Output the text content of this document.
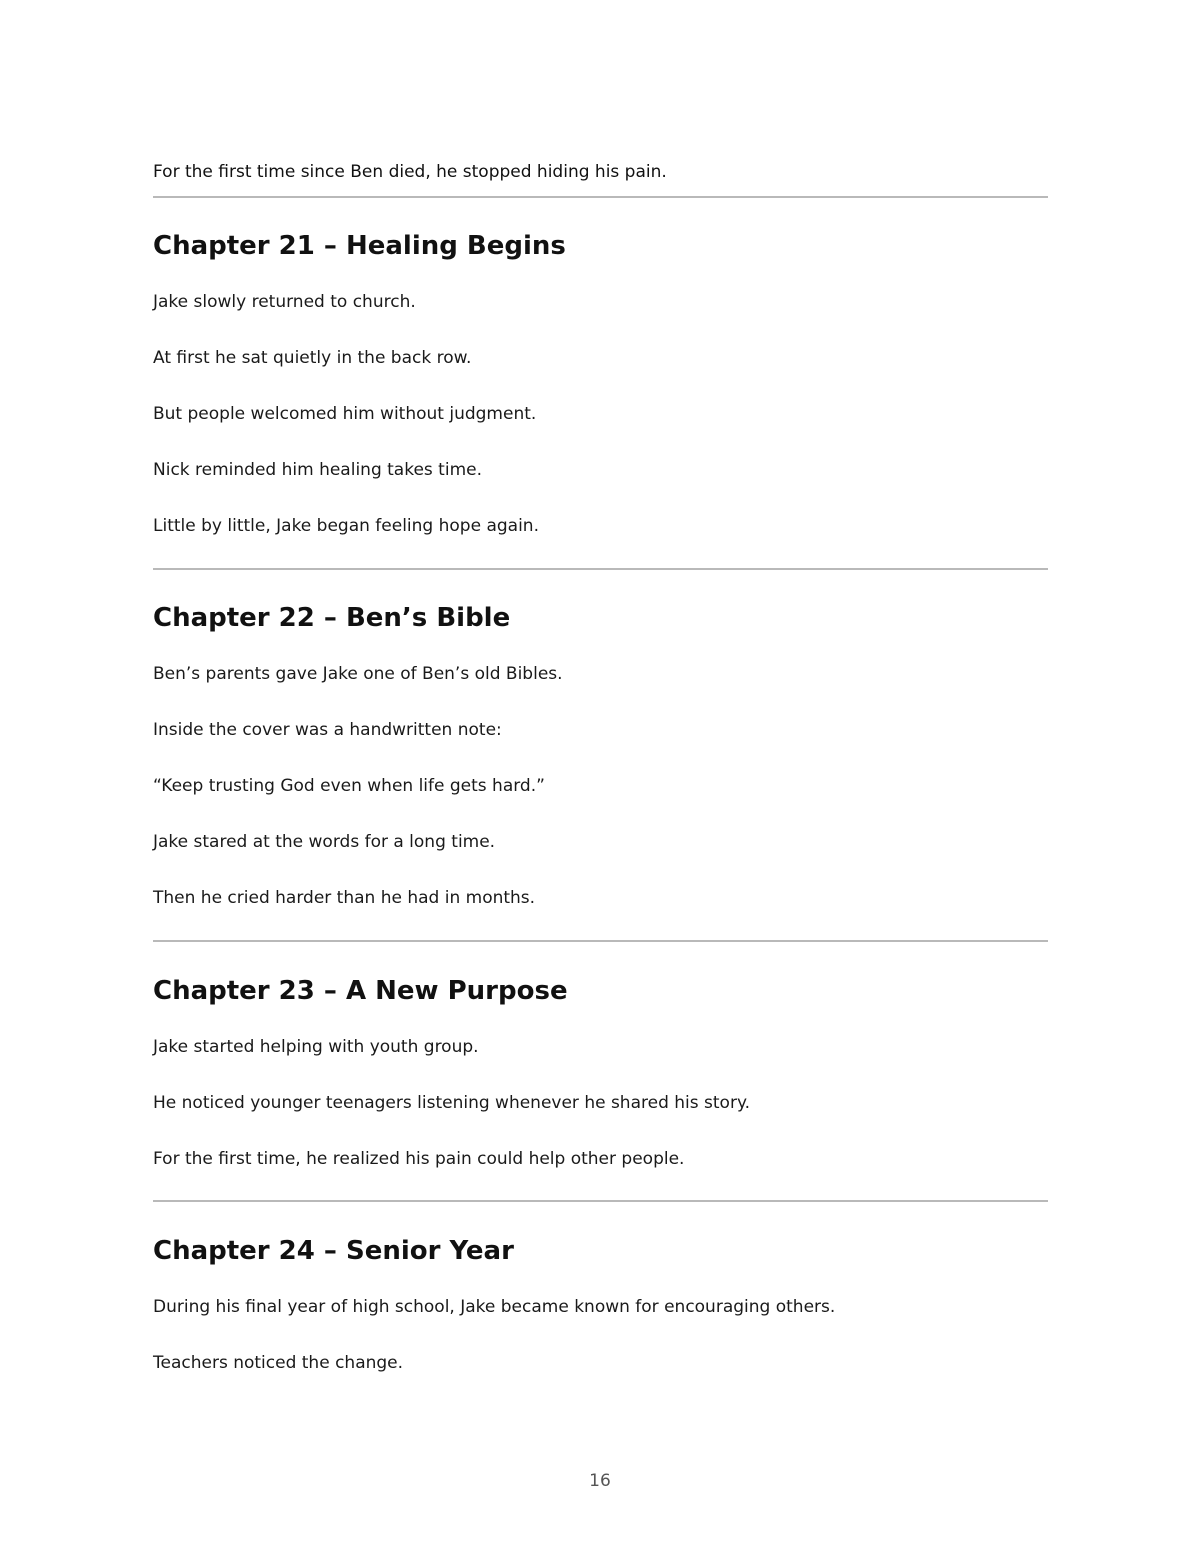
For the first time since Ben died, he stopped hiding his pain.

Chapter 21 – Healing Begins

Jake slowly returned to church.

At first he sat quietly in the back row.

But people welcomed him without judgment.

Nick reminded him healing takes time.

Little by little, Jake began feeling hope again.

Chapter 22 – Ben’s Bible

Ben’s parents gave Jake one of Ben’s old Bibles.

Inside the cover was a handwritten note:

“Keep trusting God even when life gets hard.”

Jake stared at the words for a long time.

Then he cried harder than he had in months.

Chapter 23 – A New Purpose

Jake started helping with youth group.

He noticed younger teenagers listening whenever he shared his story.

For the first time, he realized his pain could help other people.

Chapter 24 – Senior Year

During his final year of high school, Jake became known for encouraging others.

Teachers noticed the change.

16
